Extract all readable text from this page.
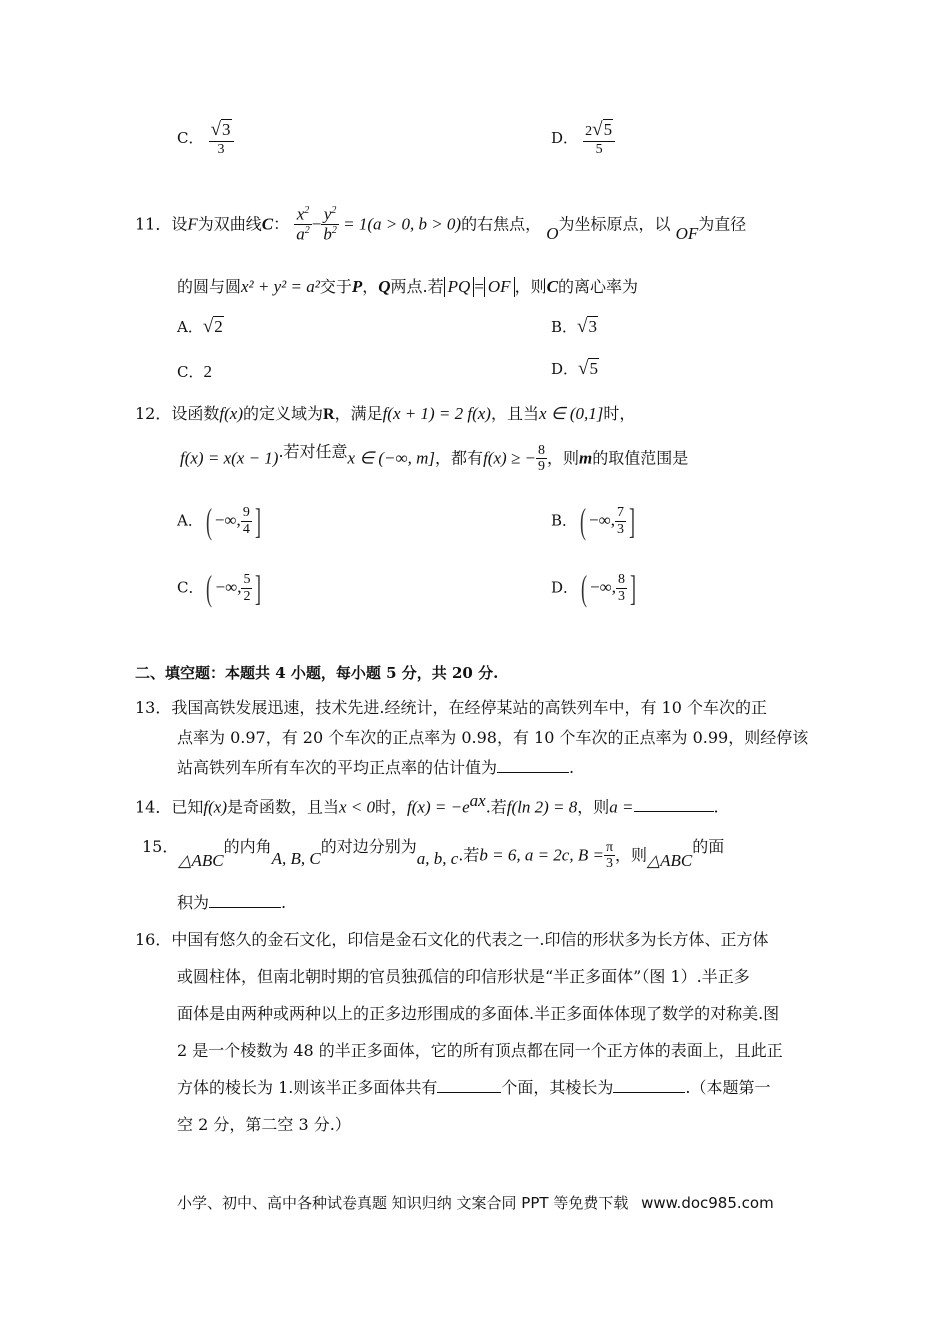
C． $\frac{√3}{3}$	D． $\frac{2√5}{5}$
11．设F为双曲线C： $\frac{x^2}{a^2} - \frac{y^2}{b^2} = 1(a > 0$, b > 0)的右焦点， O为坐标原点，以 OF为直径
的圆与圆x² + y² = a²交于P，Q两点.若 PQ = OF ，则C的离心率为
A．√2	B．√3
C．2	D．√5
12．设函数f(x)的定义域为R，满足f(x + 1) = 2 f(x)，且当x ∈ (0,1]时，
f(x) = x(x − 1).若对任意x ∈ (−∞, m]，都有f(x) ≥ − $\frac{8}{9}$ ，则m的取值范围是
A．( −∞, $\frac{9}{4}$ ]	B．( −∞, $\frac{7}{3}$ ]
C．( −∞, $\frac{5}{2}$ ]	D．( −∞, $\frac{8}{3}$ ]
二、填空题：本题共 4 小题，每小题 5 分，共 20 分.
13．我国高铁发展迅速，技术先进.经统计，在经停某站的高铁列车中，有 10 个车次的正
点率为 0.97，有 20 个车次的正点率为 0.98，有 10 个车次的正点率为 0.99，则经停该
站高铁列车所有车次的平均正点率的估计值为	.
14．已知f(x)是奇函数，且当x < 0时，$f(x) = -e^{ax}$.若f(ln 2) = 8，则a =	.
15．△ABC的内角A, B, C的对边分别为a, b, c.若b = 6, a = 2c, $B = \frac{\pi}{3}$ ，则△ABC的面
积为	.
16．中国有悠久的金石文化，印信是金石文化的代表之一.印信的形状多为长方体、正方体
或圆柱体，但南北朝时期的官员独孤信的印信形状是“半正多面体”（图 1）.半正多
面体是由两种或两种以上的正多边形围成的多面体.半正多面体体现了数学的对称美.图
2 是一个棱数为 48 的半正多面体，它的所有顶点都在同一个正方体的表面上，且此正
方体的棱长为 1.则该半正多面体共有	个面，其棱长为	.（本题第一
空 2 分，第二空 3 分.）
小学、初中、高中各种试卷真题 知识归纳 文案合同 PPT 等免费下载 www.doc985.com
